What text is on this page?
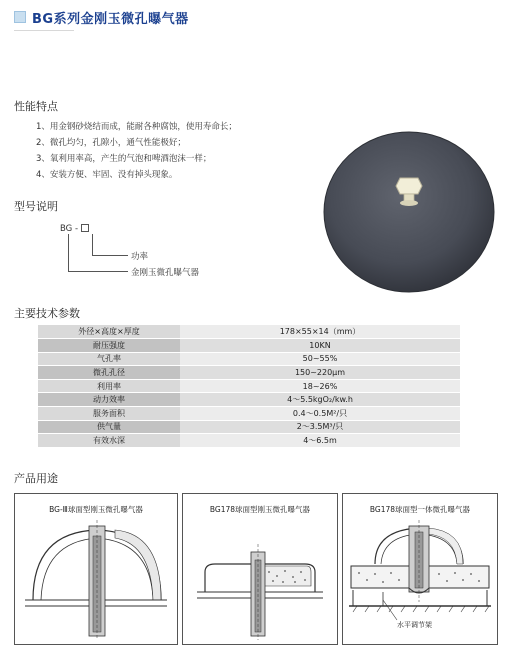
BG系列金刚玉微孔曝气器
性能特点
1、用金钢砂烧结而成，能耐各种腐蚀，使用寿命长；
2、微孔均匀，孔隙小，通气性能极好；
3、氧利用率高，产生的气泡和啤酒泡沫一样；
4、安装方便、牢固、没有掉头现象。
型号说明
BG -
功率
金刚玉微孔曝气器
主要技术参数
外径×高度×厚度	178×55×14（mm）
耐压强度	10KN
气孔率	50~55%
微孔孔径	150~220μm
利用率	18~26%
动力效率	4～5.5kgO₂/kw.h
服务面积	0.4～0.5M²/只
供气量	2～3.5M³/只
有效水深	4～6.5m
产品用途
BG-Ⅲ球面型刚玉微孔曝气器	BG178球面型刚玉微孔曝气器	BG178球面型一体微孔曝气器
水平调节架
